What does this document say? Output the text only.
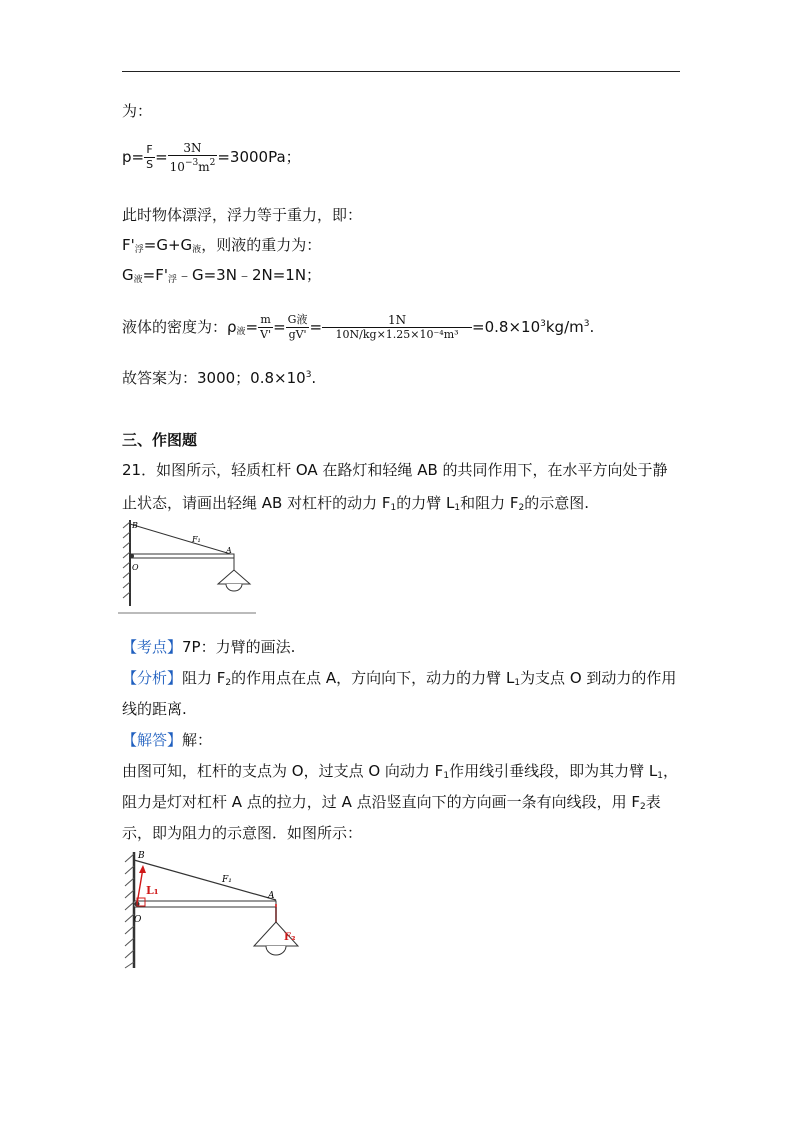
为：
$p= \frac{F}{S} = \frac{3N}{10^{-3}m^2} =3000Pa$；
此时物体漂浮，浮力等于重力，即：
$F'_浮=G+G_液$，则液的重力为：
$G_液=F'_浮﹣G=3N﹣2N=1N$；
液体的密度为：$\rho_液= \frac{m}{V'} = \frac{\text{G液}}{gV'} = \frac{1N}{\text{10N/kg×1.25×10⁻⁴m³}} =0.8\times 10^3kg/m^3$.
故答案为：3000；$0.8\times 10^3$.
三、作图题
21．如图所示，轻质杠杆 OA 在路灯和轻绳 AB 的共同作用下，在水平方向处于静
止状态，请画出轻绳 AB 对杠杆的动力 $F_1$的力臂 $L_1$和阻力 $F_2$的示意图.
B
F₁
A
O
【考点】7P：力臂的画法.
【分析】阻力 $F_2$的作用点在点 A，方向向下，动力的力臂 $L_1$为支点 O 到动力的作用
线的距离.
【解答】解：
由图可知，杠杆的支点为 O，过支点 O 向动力 $F_1$作用线引垂线段，即为其力臂 $L_1$，
阻力是灯对杠杆 A 点的拉力，过 A 点沿竖直向下的方向画一条有向线段，用 $F_2$表
示，即为阻力的示意图．如图所示：
B
L₁
F₁
A
O
F₂
